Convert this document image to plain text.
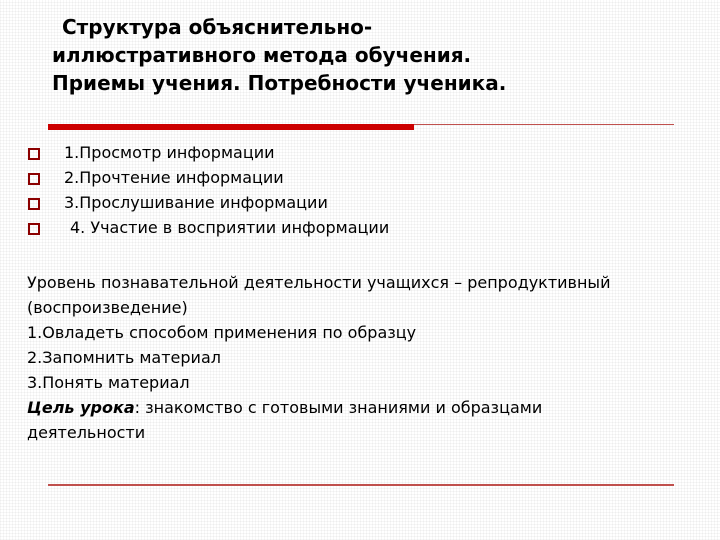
Структура объяснительно-
иллюстративного метода обучения.
Приемы учения. Потребности ученика.
1.Просмотр информации
2.Прочтение информации
3.Прослушивание информации
4. Участие в восприятии информации
Уровень познавательной деятельности учащихся – репродуктивный
(воспроизведение)
1.Овладеть способом применения по образцу
2.Запомнить материал
3.Понять материал
Цель урока: знакомство с готовыми знаниями и образцами
деятельности
